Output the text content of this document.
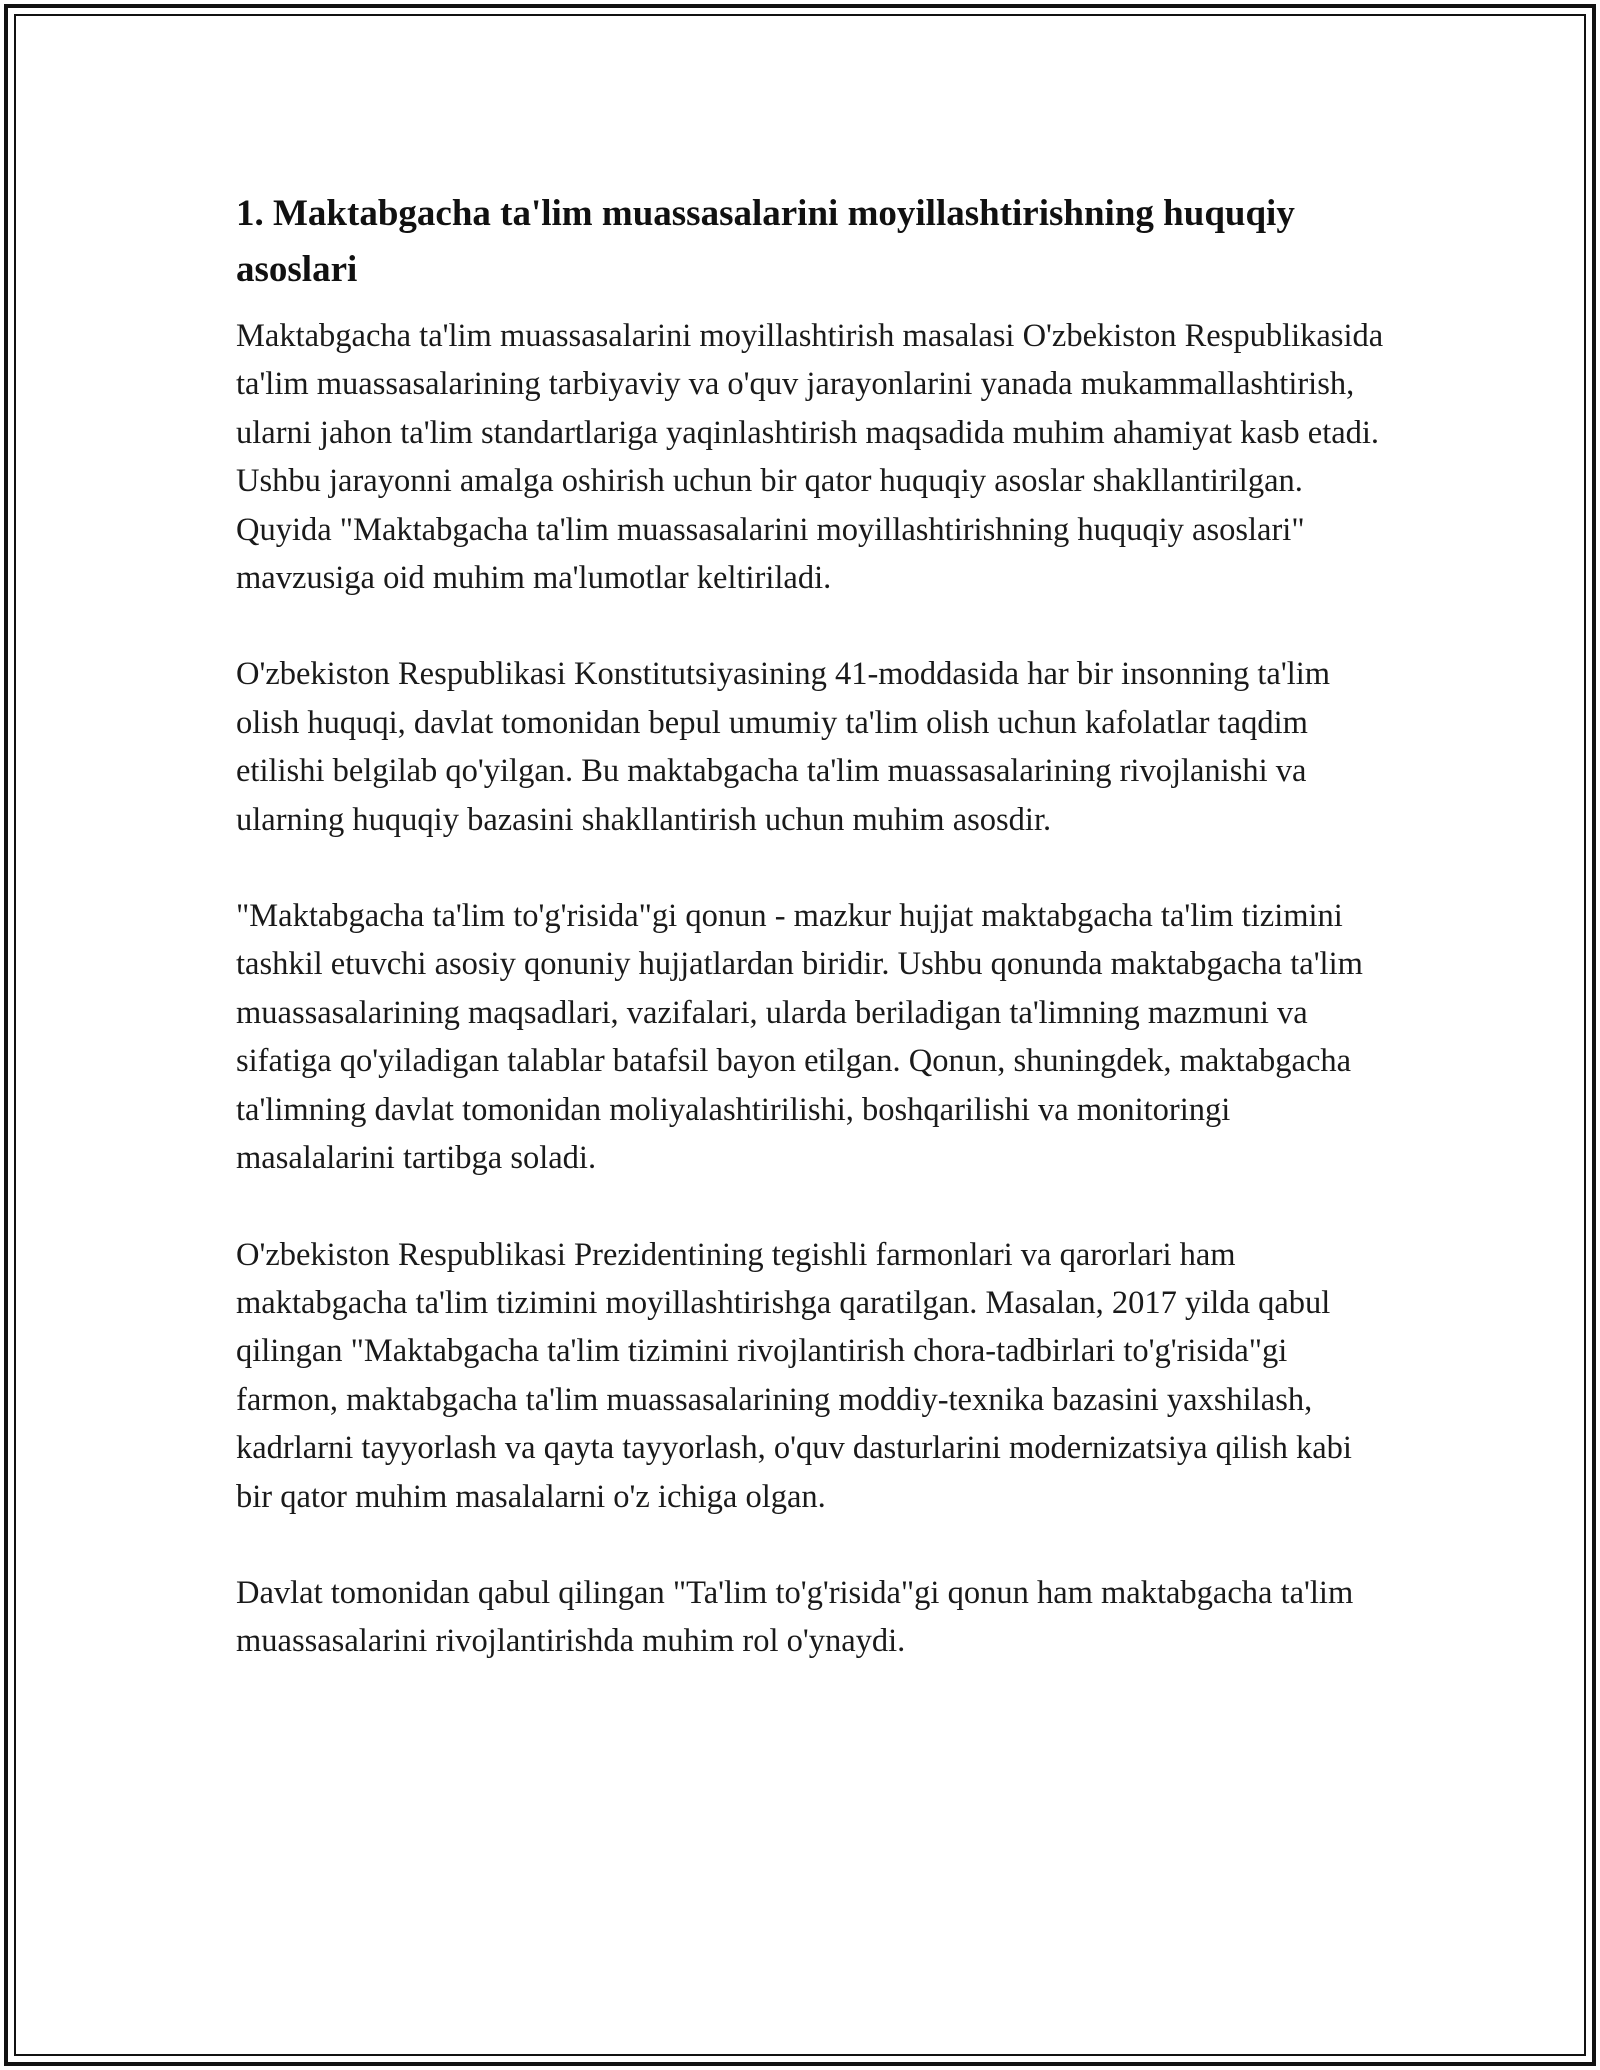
1. Maktabgacha ta'lim muassasalarini moyillashtirishning huquqiy asoslari

Maktabgacha ta'lim muassasalarini moyillashtirish masalasi O'zbekiston Respublikasida ta'lim muassasalarining tarbiyaviy va o'quv jarayonlarini yanada mukammallashtirish, ularni jahon ta'lim standartlariga yaqinlashtirish maqsadida muhim ahamiyat kasb etadi. Ushbu jarayonni amalga oshirish uchun bir qator huquqiy asoslar shakllantirilgan. Quyida "Maktabgacha ta'lim muassasalarini moyillashtirishning huquqiy asoslari" mavzusiga oid muhim ma'lumotlar keltiriladi.

O'zbekiston Respublikasi Konstitutsiyasining 41-moddasida har bir insonning ta'lim olish huquqi, davlat tomonidan bepul umumiy ta'lim olish uchun kafolatlar taqdim etilishi belgilab qo'yilgan. Bu maktabgacha ta'lim muassasalarining rivojlanishi va ularning huquqiy bazasini shakllantirish uchun muhim asosdir.

"Maktabgacha ta'lim to'g'risida"gi qonun - mazkur hujjat maktabgacha ta'lim tizimini tashkil etuvchi asosiy qonuniy hujjatlardan biridir. Ushbu qonunda maktabgacha ta'lim muassasalarining maqsadlari, vazifalari, ularda beriladigan ta'limning mazmuni va sifatiga qo'yiladigan talablar batafsil bayon etilgan. Qonun, shuningdek, maktabgacha ta'limning davlat tomonidan moliyalashtirilishi, boshqarilishi va monitoringi masalalarini tartibga soladi.

O'zbekiston Respublikasi Prezidentining tegishli farmonlari va qarorlari ham maktabgacha ta'lim tizimini moyillashtirishga qaratilgan. Masalan, 2017 yilda qabul qilingan "Maktabgacha ta'lim tizimini rivojlantirish chora-tadbirlari to'g'risida"gi farmon, maktabgacha ta'lim muassasalarining moddiy-texnika bazasini yaxshilash, kadrlarni tayyorlash va qayta tayyorlash, o'quv dasturlarini modernizatsiya qilish kabi bir qator muhim masalalarni o'z ichiga olgan.

Davlat tomonidan qabul qilingan "Ta'lim to'g'risida"gi qonun ham maktabgacha ta'lim muassasalarini rivojlantirishda muhim rol o'ynaydi.
